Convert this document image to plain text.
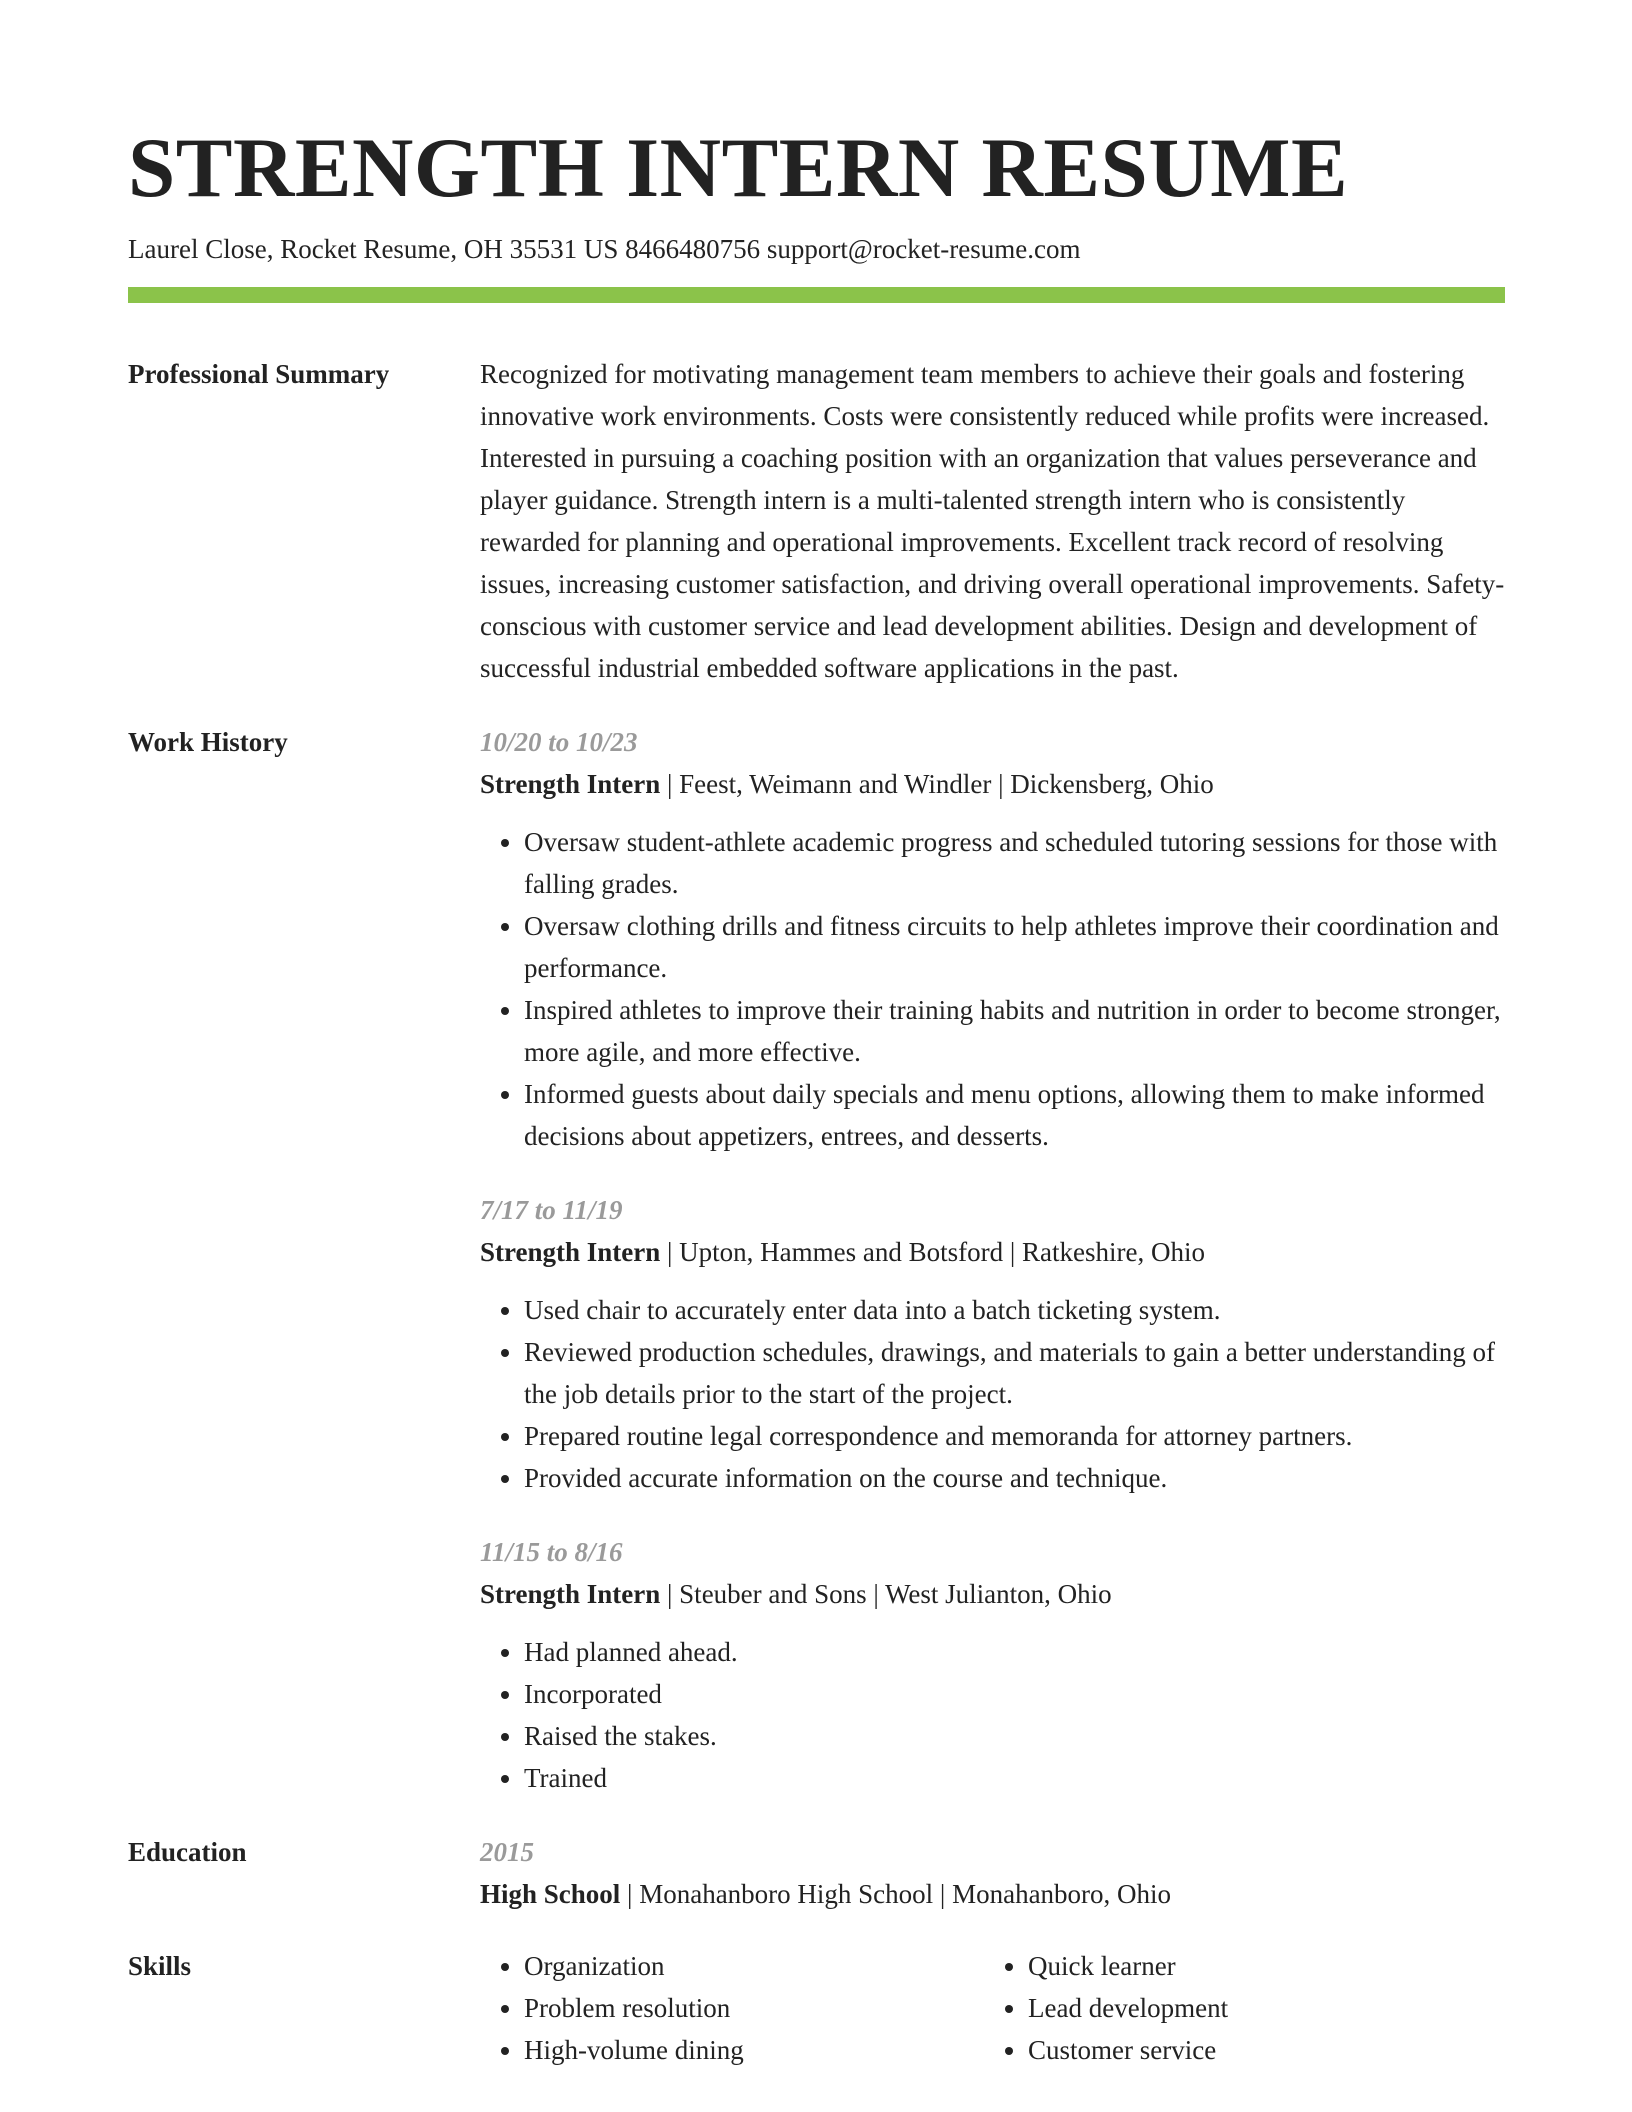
STRENGTH INTERN RESUME
Laurel Close, Rocket Resume, OH 35531 US 8466480756 support@rocket-resume.com
Professional Summary	Recognized for motivating management team members to achieve their goals and fostering innovative work environments. Costs were consistently reduced while profits were increased. Interested in pursuing a coaching position with an organization that values perseverance and player guidance. Strength intern is a multi-talented strength intern who is consistently rewarded for planning and operational improvements. Excellent track record of resolving issues, increasing customer satisfaction, and driving overall operational improvements. Safety-conscious with customer service and lead development abilities. Design and development of successful industrial embedded software applications in the past.
Work History	10/20 to 10/23
Strength Intern | Feest, Weimann and Windler | Dickensberg, Ohio
• Oversaw student-athlete academic progress and scheduled tutoring sessions for those with falling grades.
• Oversaw clothing drills and fitness circuits to help athletes improve their coordination and performance.
• Inspired athletes to improve their training habits and nutrition in order to become stronger, more agile, and more effective.
• Informed guests about daily specials and menu options, allowing them to make informed decisions about appetizers, entrees, and desserts.
7/17 to 11/19
Strength Intern | Upton, Hammes and Botsford | Ratkeshire, Ohio
• Used chair to accurately enter data into a batch ticketing system.
• Reviewed production schedules, drawings, and materials to gain a better understanding of the job details prior to the start of the project.
• Prepared routine legal correspondence and memoranda for attorney partners.
• Provided accurate information on the course and technique.
11/15 to 8/16
Strength Intern | Steuber and Sons | West Julianton, Ohio
• Had planned ahead.
• Incorporated
• Raised the stakes.
• Trained
Education	2015
High School | Monahanboro High School | Monahanboro, Ohio
Skills
•	Organization
• Problem resolution
• High-volume dining
• Quick learner
• Lead development
• Customer service
